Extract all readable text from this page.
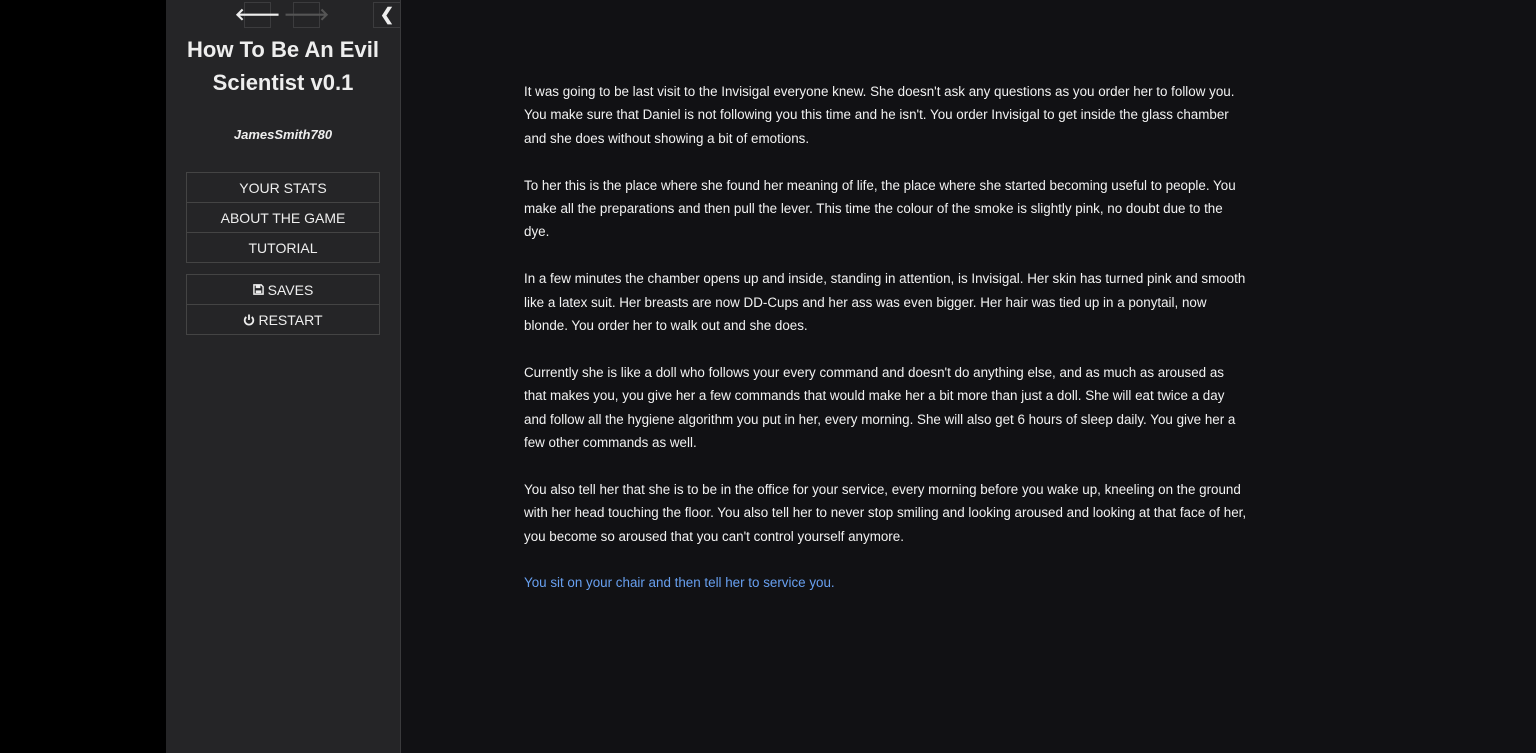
🡐 🡒	❮
How To Be An Evil
Scientist v0.1
JamesSmith780
YOUR STATS
ABOUT THE GAME
TUTORIAL
SAVES
RESTART

It was going to be last visit to the Invisigal everyone knew. She doesn't ask any questions as you order her to follow you. You make sure that Daniel is not following you this time and he isn't. You order Invisigal to get inside the glass chamber and she does without showing a bit of emotions.

To her this is the place where she found her meaning of life, the place where she started becoming useful to people. You make all the preparations and then pull the lever. This time the colour of the smoke is slightly pink, no doubt due to the dye.

In a few minutes the chamber opens up and inside, standing in attention, is Invisigal. Her skin has turned pink and smooth like a latex suit. Her breasts are now DD-Cups and her ass was even bigger. Her hair was tied up in a ponytail, now blonde. You order her to walk out and she does.

Currently she is like a doll who follows your every command and doesn't do anything else, and as much as aroused as that makes you, you give her a few commands that would make her a bit more than just a doll. She will eat twice a day and follow all the hygiene algorithm you put in her, every morning. She will also get 6 hours of sleep daily. You give her a few other commands as well.

You also tell her that she is to be in the office for your service, every morning before you wake up, kneeling on the ground with her head touching the floor. You also tell her to never stop smiling and looking aroused and looking at that face of her, you become so aroused that you can't control yourself anymore.

You sit on your chair and then tell her to service you.
